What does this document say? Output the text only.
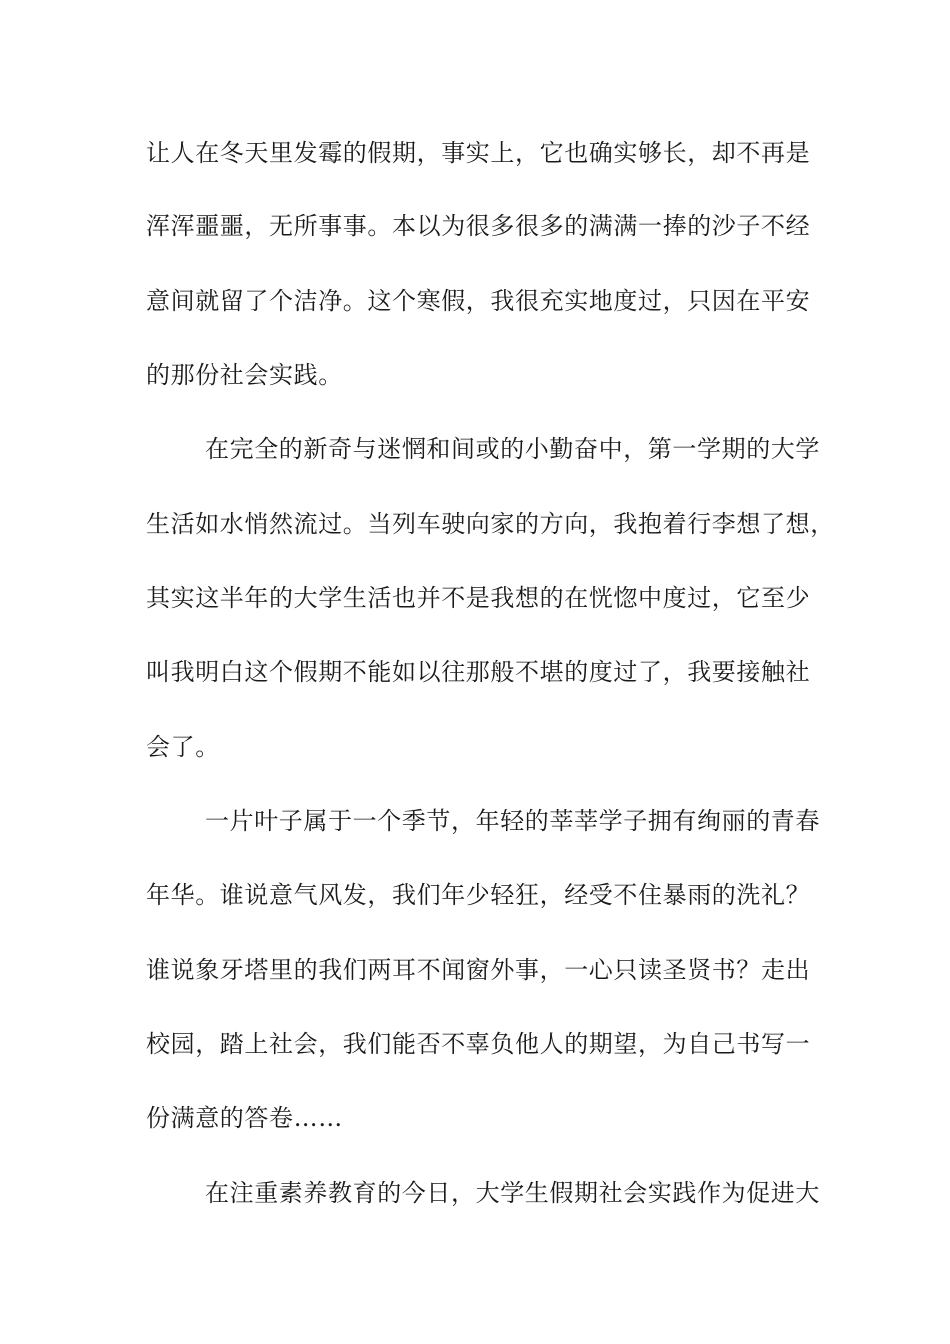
让人在冬天里发霉的假期，事实上，它也确实够长，却不再是
浑浑噩噩，无所事事。本以为很多很多的满满一捧的沙子不经
意间就留了个洁净。这个寒假，我很充实地度过，只因在平安
的那份社会实践。
在完全的新奇与迷惘和间或的小勤奋中，第一学期的大学
生活如水悄然流过。当列车驶向家的方向，我抱着行李想了想，
其实这半年的大学生活也并不是我想的在恍惚中度过，它至少
叫我明白这个假期不能如以往那般不堪的度过了，我要接触社
会了。
一片叶子属于一个季节，年轻的莘莘学子拥有绚丽的青春
年华。谁说意气风发，我们年少轻狂，经受不住暴雨的洗礼？
谁说象牙塔里的我们两耳不闻窗外事，一心只读圣贤书？走出
校园，踏上社会，我们能否不辜负他人的期望，为自己书写一
份满意的答卷……
在注重素养教育的今日，大学生假期社会实践作为促进大
